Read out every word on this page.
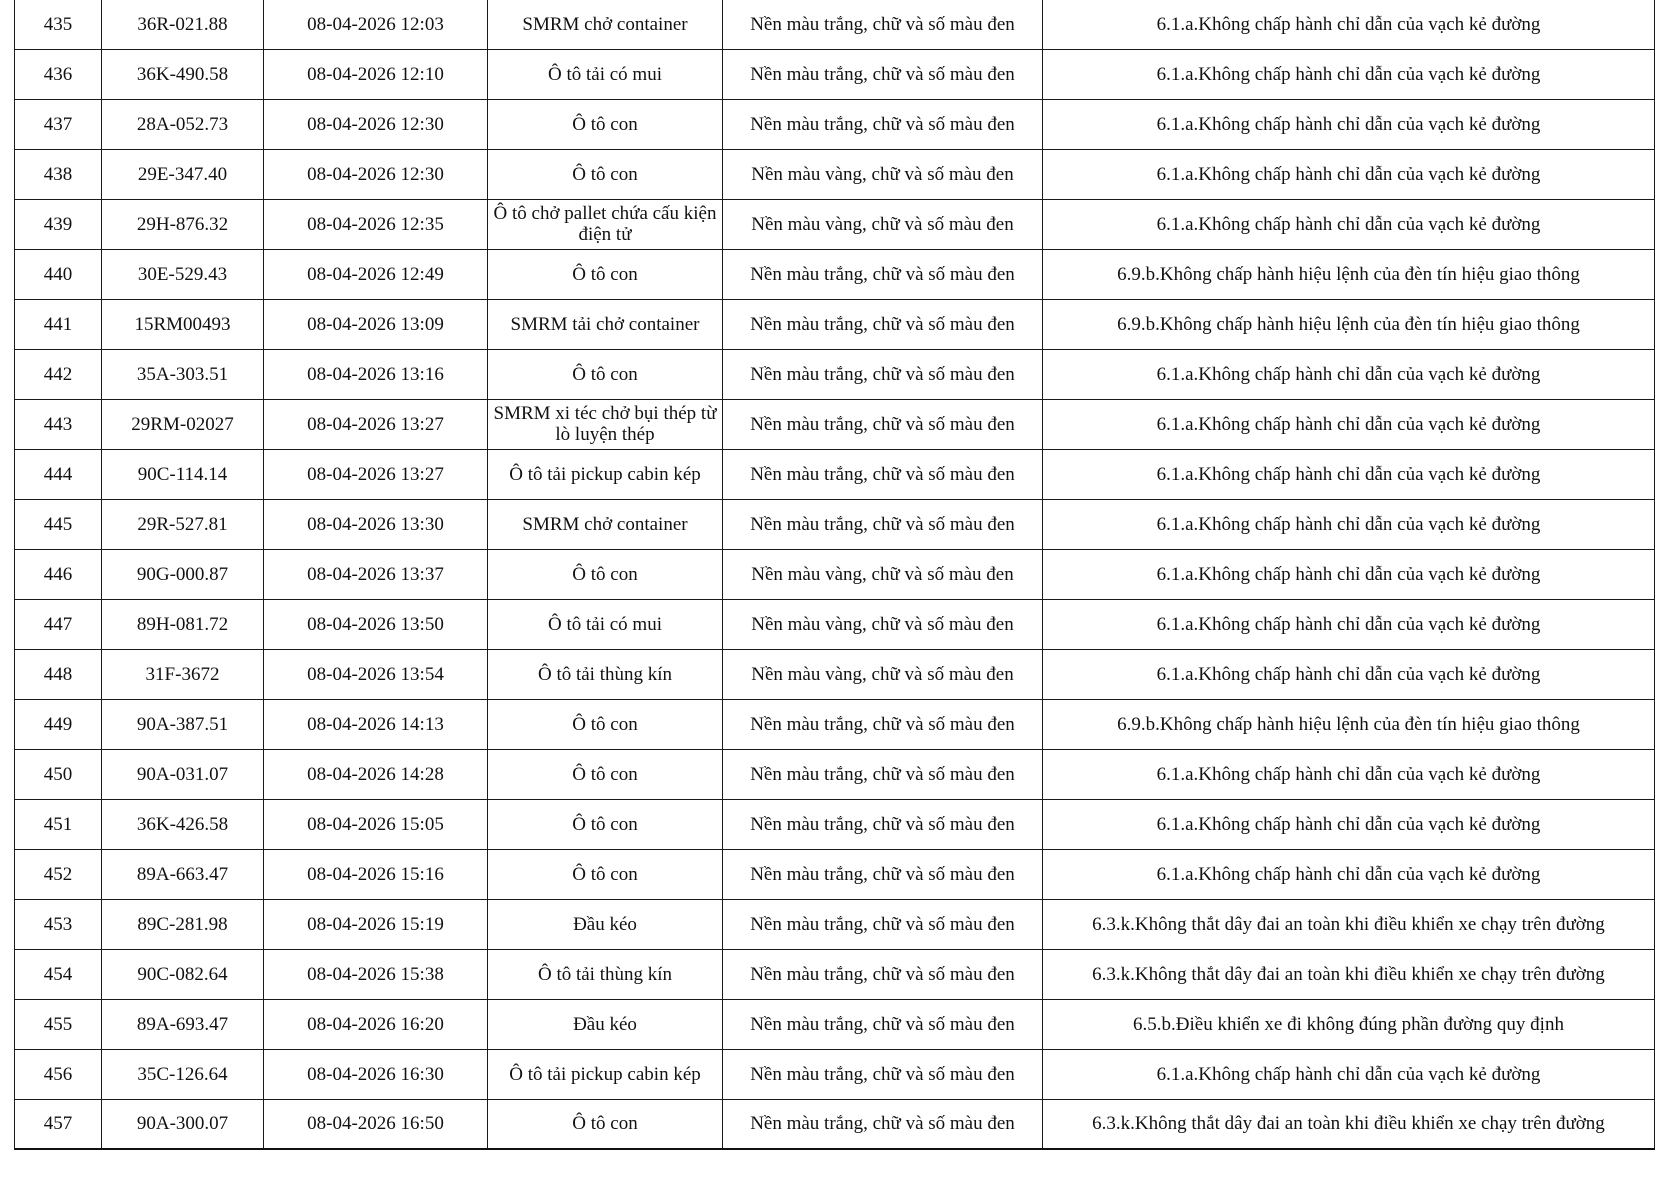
435	36R-021.88	08-04-2026 12:03	SMRM chở container	Nền màu trắng, chữ và số màu đen	6.1.a.Không chấp hành chỉ dẫn của vạch kẻ đường
436	36K-490.58	08-04-2026 12:10	Ô tô tải có mui	Nền màu trắng, chữ và số màu đen	6.1.a.Không chấp hành chỉ dẫn của vạch kẻ đường
437	28A-052.73	08-04-2026 12:30	Ô tô con	Nền màu trắng, chữ và số màu đen	6.1.a.Không chấp hành chỉ dẫn của vạch kẻ đường
438	29E-347.40	08-04-2026 12:30	Ô tô con	Nền màu vàng, chữ và số màu đen	6.1.a.Không chấp hành chỉ dẫn của vạch kẻ đường
439	29H-876.32	08-04-2026 12:35	Ô tô chở pallet chứa cấu kiện điện tử	Nền màu vàng, chữ và số màu đen	6.1.a.Không chấp hành chỉ dẫn của vạch kẻ đường
440	30E-529.43	08-04-2026 12:49	Ô tô con	Nền màu trắng, chữ và số màu đen	6.9.b.Không chấp hành hiệu lệnh của đèn tín hiệu giao thông
441	15RM00493	08-04-2026 13:09	SMRM tải chở container	Nền màu trắng, chữ và số màu đen	6.9.b.Không chấp hành hiệu lệnh của đèn tín hiệu giao thông
442	35A-303.51	08-04-2026 13:16	Ô tô con	Nền màu trắng, chữ và số màu đen	6.1.a.Không chấp hành chỉ dẫn của vạch kẻ đường
443	29RM-02027	08-04-2026 13:27	SMRM xi téc chở bụi thép từ lò luyện thép	Nền màu trắng, chữ và số màu đen	6.1.a.Không chấp hành chỉ dẫn của vạch kẻ đường
444	90C-114.14	08-04-2026 13:27	Ô tô tải pickup cabin kép	Nền màu trắng, chữ và số màu đen	6.1.a.Không chấp hành chỉ dẫn của vạch kẻ đường
445	29R-527.81	08-04-2026 13:30	SMRM chở container	Nền màu trắng, chữ và số màu đen	6.1.a.Không chấp hành chỉ dẫn của vạch kẻ đường
446	90G-000.87	08-04-2026 13:37	Ô tô con	Nền màu vàng, chữ và số màu đen	6.1.a.Không chấp hành chỉ dẫn của vạch kẻ đường
447	89H-081.72	08-04-2026 13:50	Ô tô tải có mui	Nền màu vàng, chữ và số màu đen	6.1.a.Không chấp hành chỉ dẫn của vạch kẻ đường
448	31F-3672	08-04-2026 13:54	Ô tô tải thùng kín	Nền màu vàng, chữ và số màu đen	6.1.a.Không chấp hành chỉ dẫn của vạch kẻ đường
449	90A-387.51	08-04-2026 14:13	Ô tô con	Nền màu trắng, chữ và số màu đen	6.9.b.Không chấp hành hiệu lệnh của đèn tín hiệu giao thông
450	90A-031.07	08-04-2026 14:28	Ô tô con	Nền màu trắng, chữ và số màu đen	6.1.a.Không chấp hành chỉ dẫn của vạch kẻ đường
451	36K-426.58	08-04-2026 15:05	Ô tô con	Nền màu trắng, chữ và số màu đen	6.1.a.Không chấp hành chỉ dẫn của vạch kẻ đường
452	89A-663.47	08-04-2026 15:16	Ô tô con	Nền màu trắng, chữ và số màu đen	6.1.a.Không chấp hành chỉ dẫn của vạch kẻ đường
453	89C-281.98	08-04-2026 15:19	Đầu kéo	Nền màu trắng, chữ và số màu đen	6.3.k.Không thắt dây đai an toàn khi điều khiển xe chạy trên đường
454	90C-082.64	08-04-2026 15:38	Ô tô tải thùng kín	Nền màu trắng, chữ và số màu đen	6.3.k.Không thắt dây đai an toàn khi điều khiển xe chạy trên đường
455	89A-693.47	08-04-2026 16:20	Đầu kéo	Nền màu trắng, chữ và số màu đen	6.5.b.Điều khiển xe đi không đúng phần đường quy định
456	35C-126.64	08-04-2026 16:30	Ô tô tải pickup cabin kép	Nền màu trắng, chữ và số màu đen	6.1.a.Không chấp hành chỉ dẫn của vạch kẻ đường
457	90A-300.07	08-04-2026 16:50	Ô tô con	Nền màu trắng, chữ và số màu đen	6.3.k.Không thắt dây đai an toàn khi điều khiển xe chạy trên đường
